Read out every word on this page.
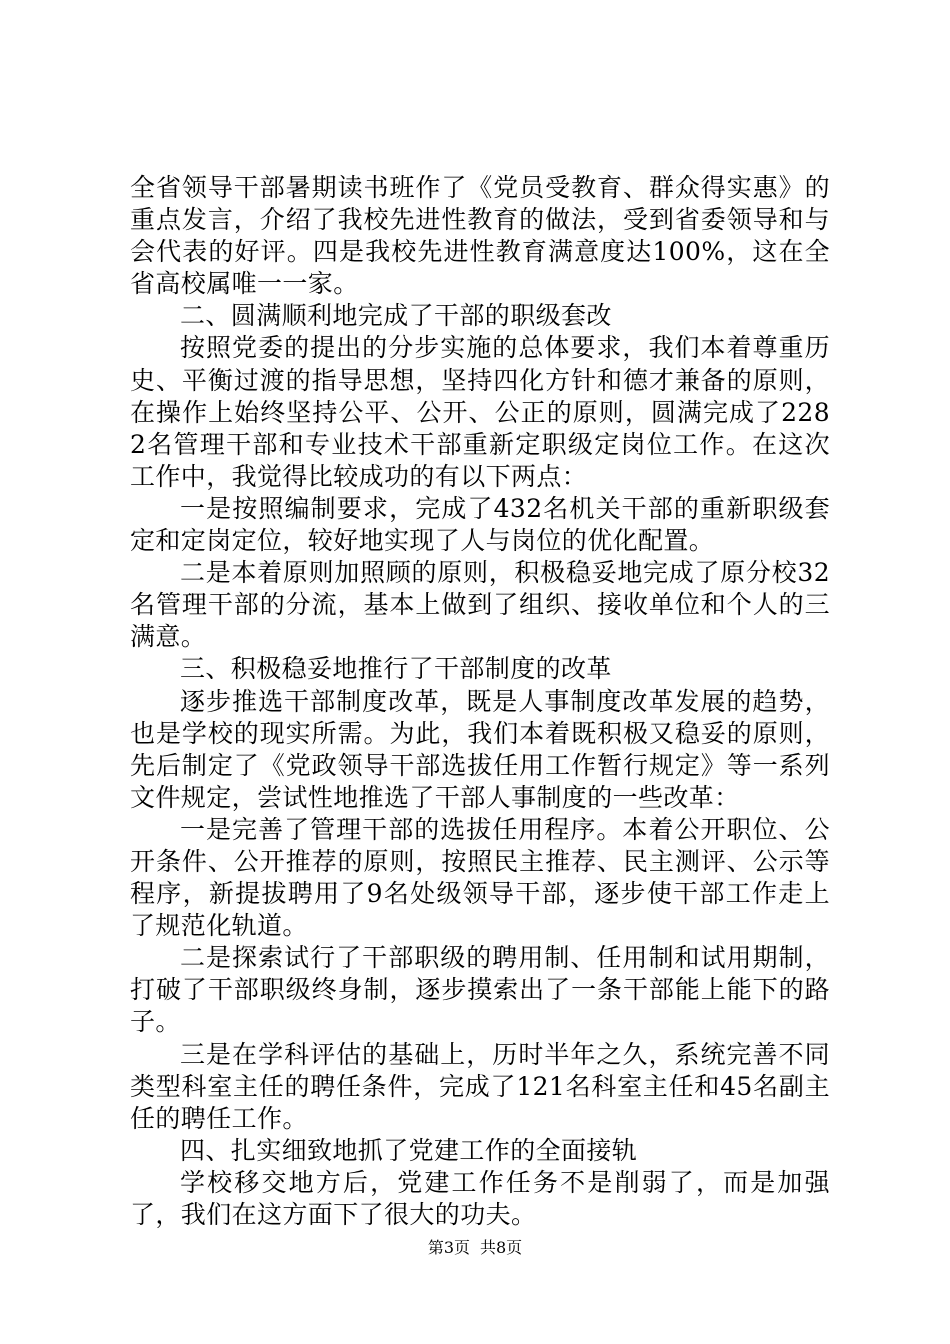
全省领导干部暑期读书班作了《党员受教育、群众得实惠》的重点发言，介绍了我校先进性教育的做法，受到省委领导和与会代表的好评。四是我校先进性教育满意度达100%，这在全省高校属唯一一家。

二、圆满顺利地完成了干部的职级套改

按照党委的提出的分步实施的总体要求，我们本着尊重历史、平衡过渡的指导思想，坚持四化方针和德才兼备的原则，在操作上始终坚持公平、公开、公正的原则，圆满完成了2282名管理干部和专业技术干部重新定职级定岗位工作。在这次工作中，我觉得比较成功的有以下两点：

一是按照编制要求，完成了432名机关干部的重新职级套定和定岗定位，较好地实现了人与岗位的优化配置。

二是本着原则加照顾的原则，积极稳妥地完成了原分校32名管理干部的分流，基本上做到了组织、接收单位和个人的三满意。

三、积极稳妥地推行了干部制度的改革

逐步推选干部制度改革，既是人事制度改革发展的趋势，也是学校的现实所需。为此，我们本着既积极又稳妥的原则，先后制定了《党政领导干部选拔任用工作暂行规定》等一系列文件规定，尝试性地推选了干部人事制度的一些改革：

一是完善了管理干部的选拔任用程序。本着公开职位、公开条件、公开推荐的原则，按照民主推荐、民主测评、公示等程序，新提拔聘用了9名处级领导干部，逐步使干部工作走上了规范化轨道。

二是探索试行了干部职级的聘用制、任用制和试用期制，打破了干部职级终身制，逐步摸索出了一条干部能上能下的路子。

三是在学科评估的基础上，历时半年之久，系统完善不同类型科室主任的聘任条件，完成了121名科室主任和45名副主任的聘任工作。

四、扎实细致地抓了党建工作的全面接轨

学校移交地方后，党建工作任务不是削弱了，而是加强了，我们在这方面下了很大的功夫。

第3页 共8页
